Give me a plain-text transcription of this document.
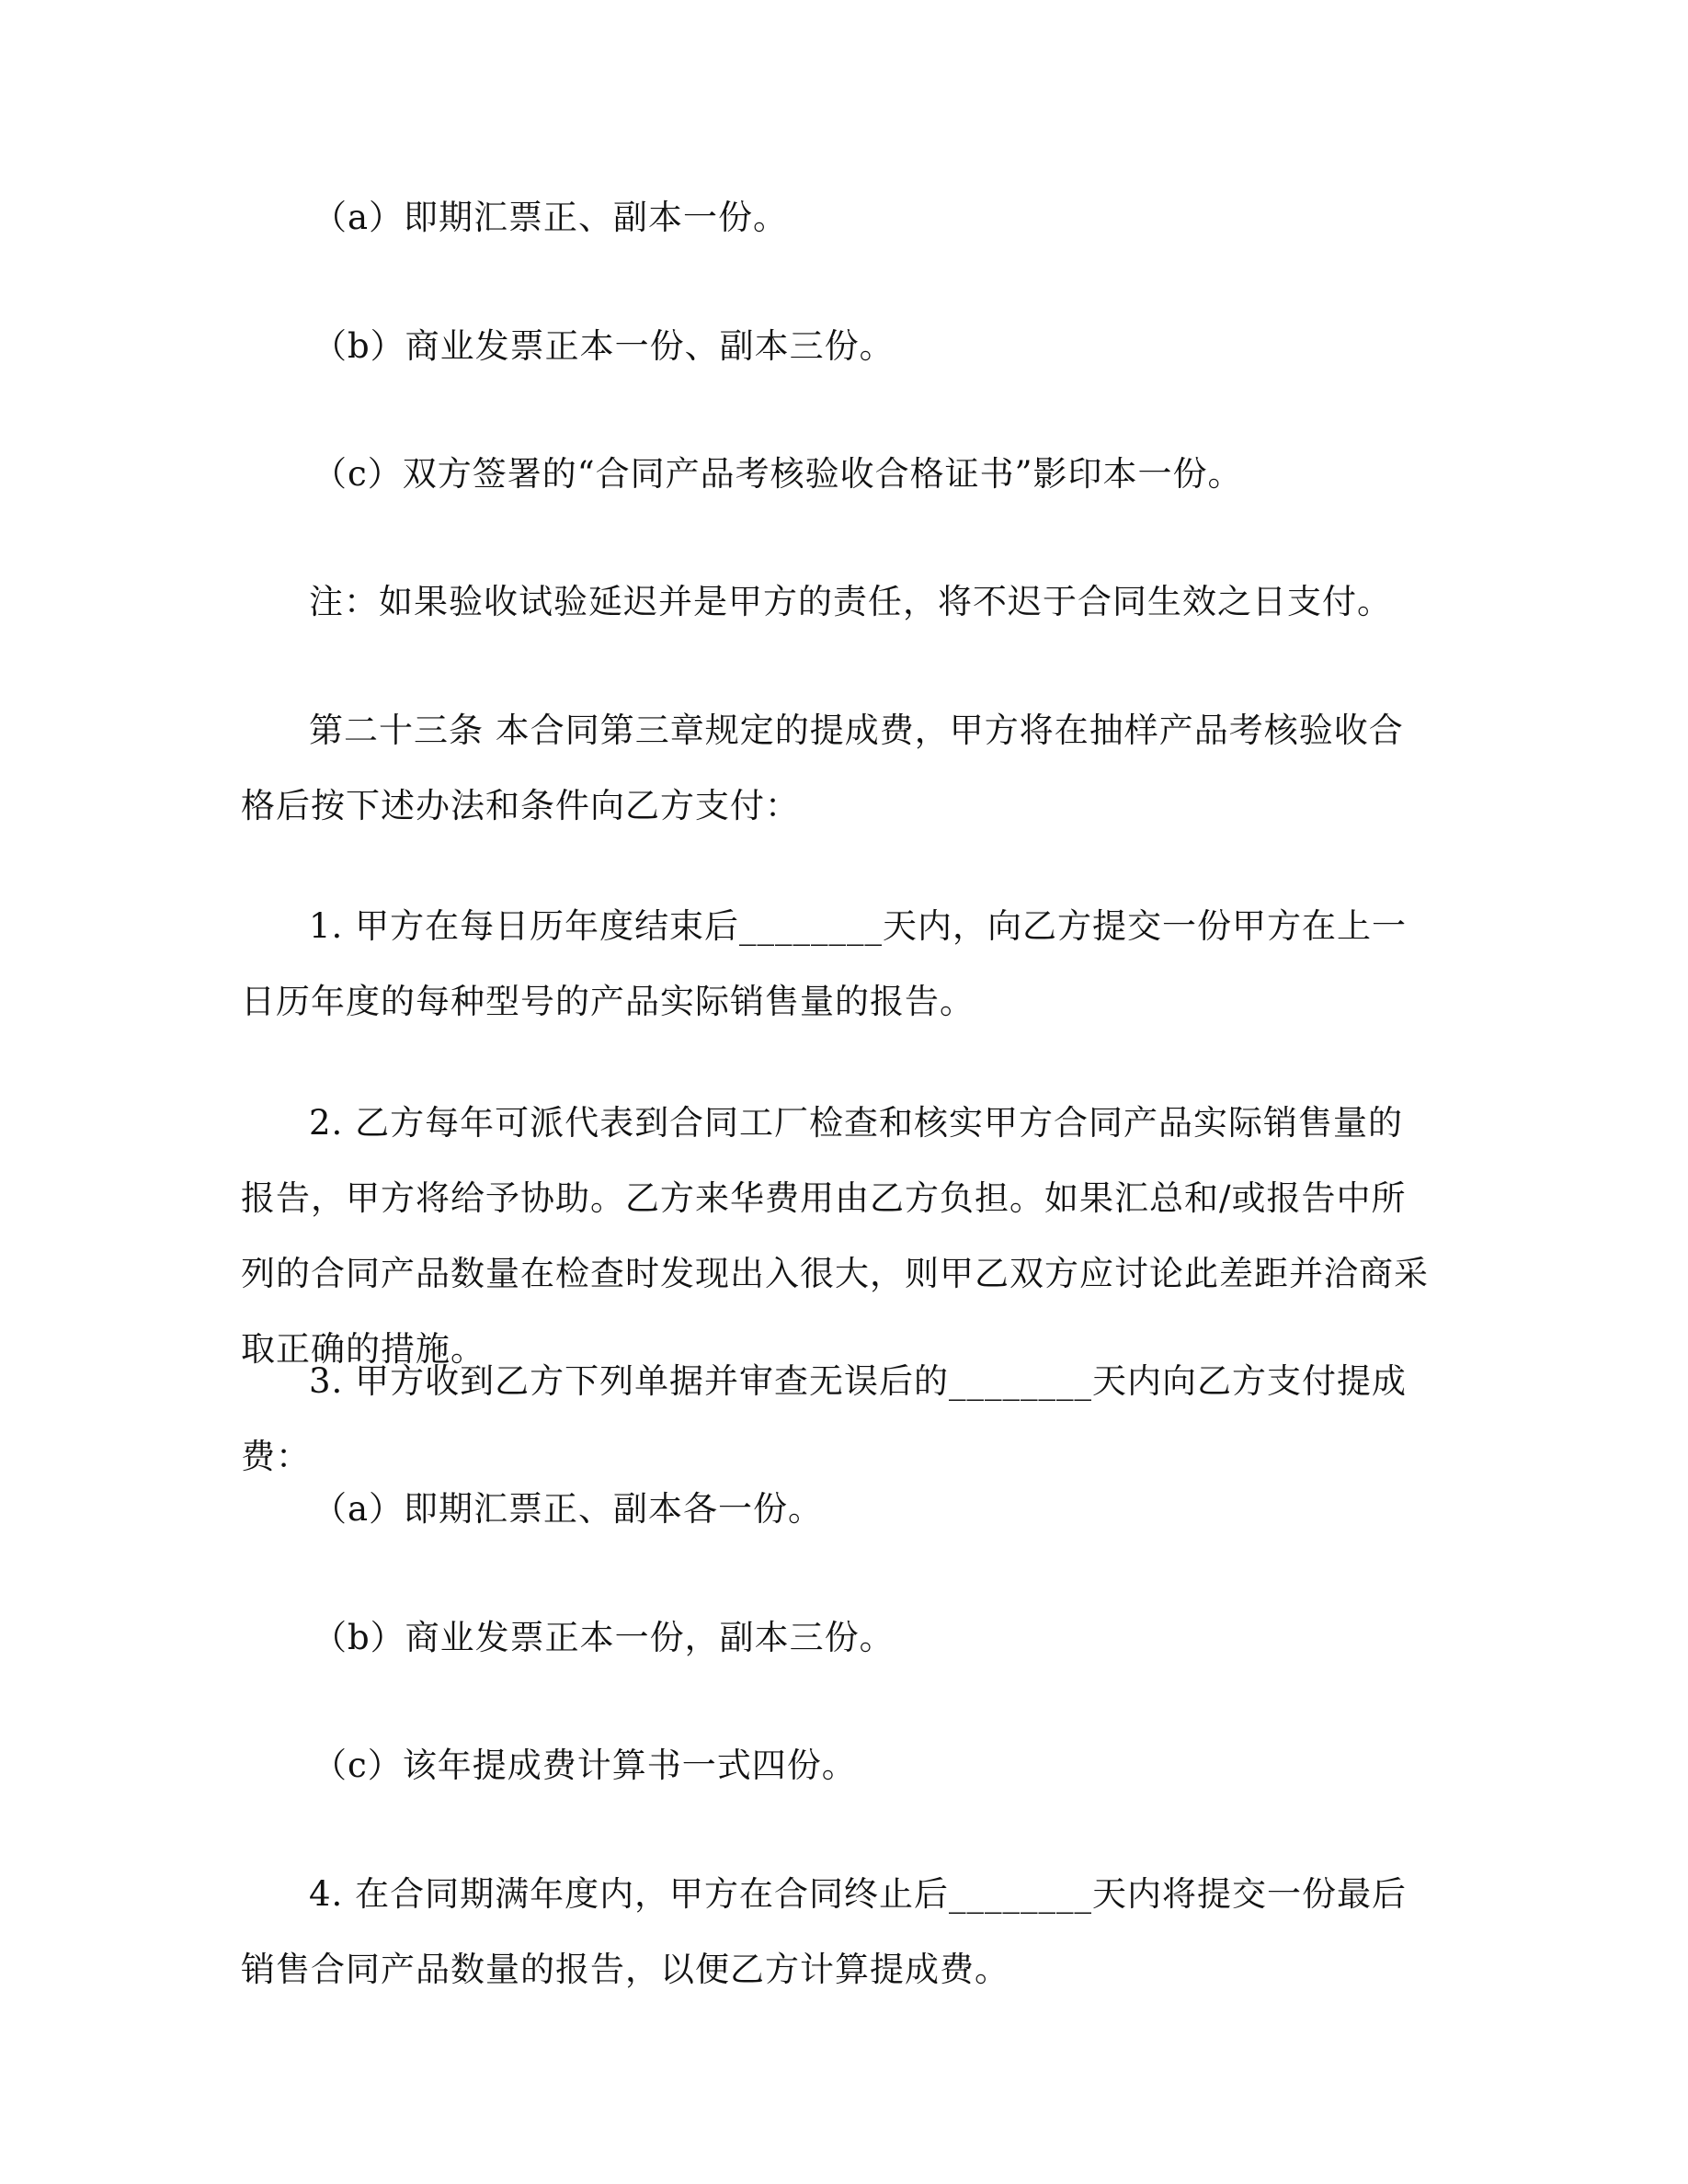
（a）即期汇票正、副本一份。

（b）商业发票正本一份、副本三份。

（c）双方签署的“合同产品考核验收合格证书”影印本一份。

注：如果验收试验延迟并是甲方的责任，将不迟于合同生效之日支付。

第二十三条 本合同第三章规定的提成费，甲方将在抽样产品考核验收合格后按下述办法和条件向乙方支付：

1. 甲方在每日历年度结束后________天内，向乙方提交一份甲方在上一日历年度的每种型号的产品实际销售量的报告。

2. 乙方每年可派代表到合同工厂检查和核实甲方合同产品实际销售量的报告，甲方将给予协助。乙方来华费用由乙方负担。如果汇总和/或报告中所列的合同产品数量在检查时发现出入很大，则甲乙双方应讨论此差距并洽商采取正确的措施。

3. 甲方收到乙方下列单据并审查无误后的________天内向乙方支付提成费：

（a）即期汇票正、副本各一份。

（b）商业发票正本一份，副本三份。

（c）该年提成费计算书一式四份。

4. 在合同期满年度内，甲方在合同终止后________天内将提交一份最后销售合同产品数量的报告，以便乙方计算提成费。
